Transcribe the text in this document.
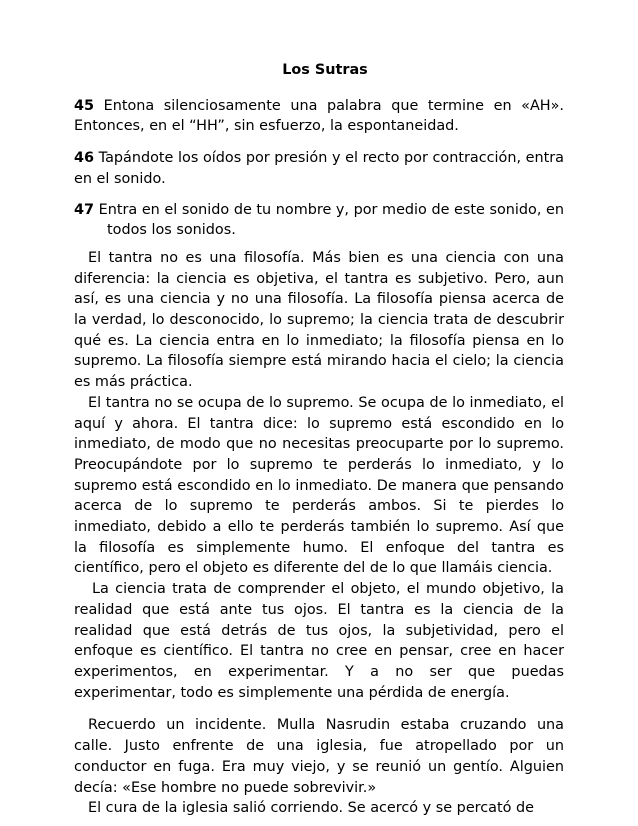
Los Sutras

45 Entona silenciosamente una palabra que termine en «AH». Entonces, en el “HH”, sin esfuerzo, la espontaneidad.

46 Tapándote los oídos por presión y el recto por contracción, entra en el sonido.

47 Entra en el sonido de tu nombre y, por medio de este sonido, en todos los sonidos.

El tantra no es una filosofía. Más bien es una ciencia con una diferencia: la ciencia es objetiva, el tantra es subjetivo. Pero, aun así, es una ciencia y no una filosofía. La filosofía piensa acerca de la verdad, lo desconocido, lo supremo; la ciencia trata de descubrir qué es. La ciencia entra en lo inmediato; la filosofía piensa en lo supremo. La filosofía siempre está mirando hacia el cielo; la ciencia es más práctica.

El tantra no se ocupa de lo supremo. Se ocupa de lo inmediato, el aquí y ahora. El tantra dice: lo supremo está escondido en lo inmediato, de modo que no necesitas preocuparte por lo supremo. Preocupándote por lo supremo te perderás lo inmediato, y lo supremo está escondido en lo inmediato. De manera que pensando acerca de lo supremo te perderás ambos. Si te pierdes lo inmediato, debido a ello te perderás también lo supremo. Así que la filosofía es simplemente humo. El enfoque del tantra es científico, pero el objeto es diferente del de lo que llamáis ciencia.

La ciencia trata de comprender el objeto, el mundo objetivo, la realidad que está ante tus ojos. El tantra es la ciencia de la realidad que está detrás de tus ojos, la subjetividad, pero el enfoque es científico. El tantra no cree en pensar, cree en hacer experimentos, en experimentar. Y a no ser que puedas experimentar, todo es simplemente una pérdida de energía.

Recuerdo un incidente. Mulla Nasrudin estaba cruzando una calle. Justo enfrente de una iglesia, fue atropellado por un conductor en fuga. Era muy viejo, y se reunió un gentío. Alguien decía: «Ese hombre no puede sobrevivir.»

El cura de la iglesia salió corriendo. Se acercó y se percató de
